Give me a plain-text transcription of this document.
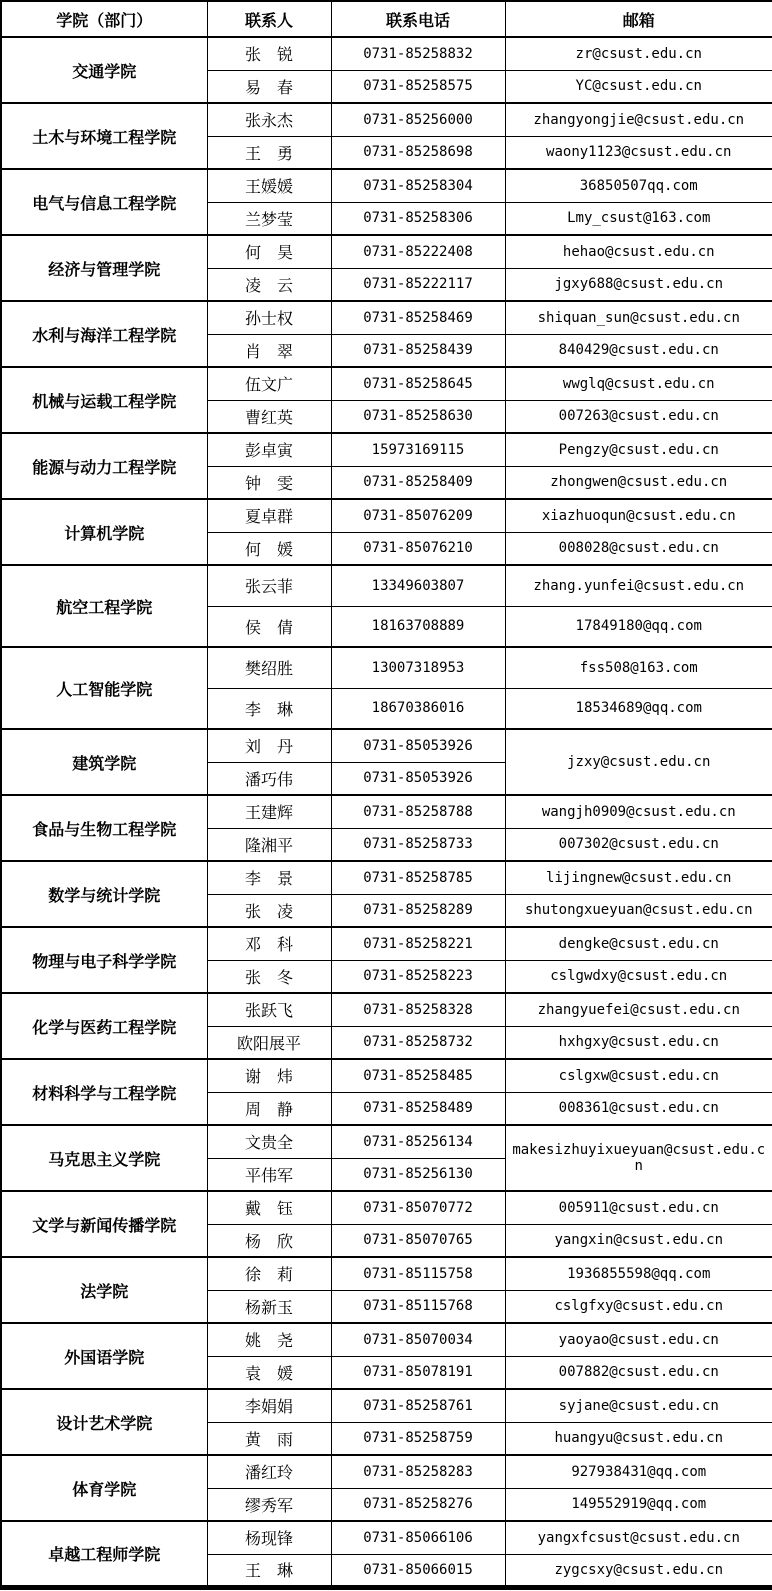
学院（部门）	联系人	联系电话	邮箱
交通学院	张　锐	0731-85258832	zr@csust.edu.cn
	易　春	0731-85258575	YC@csust.edu.cn
土木与环境工程学院	张永杰	0731-85256000	zhangyongjie@csust.edu.cn
	王　勇	0731-85258698	waony1123@csust.edu.cn
电气与信息工程学院	王媛媛	0731-85258304	36850507qq.com
	兰梦莹	0731-85258306	Lmy_csust@163.com
经济与管理学院	何　昊	0731-85222408	hehao@csust.edu.cn
	凌　云	0731-85222117	jgxy688@csust.edu.cn
水利与海洋工程学院	孙士权	0731-85258469	shiquan_sun@csust.edu.cn
	肖　翠	0731-85258439	840429@csust.edu.cn
机械与运载工程学院	伍文广	0731-85258645	wwglq@csust.edu.cn
	曹红英	0731-85258630	007263@csust.edu.cn
能源与动力工程学院	彭卓寅	15973169115	Pengzy@csust.edu.cn
	钟　雯	0731-85258409	zhongwen@csust.edu.cn
计算机学院	夏卓群	0731-85076209	xiazhuoqun@csust.edu.cn
	何　媛	0731-85076210	008028@csust.edu.cn
航空工程学院	张云菲	13349603807	zhang.yunfei@csust.edu.cn
	侯　倩	18163708889	17849180@qq.com
人工智能学院	樊绍胜	13007318953	fss508@163.com
	李　琳	18670386016	18534689@qq.com
建筑学院	刘　丹	0731-85053926	jzxy@csust.edu.cn
	潘巧伟	0731-85053926	
食品与生物工程学院	王建辉	0731-85258788	wangjh0909@csust.edu.cn
	隆湘平	0731-85258733	007302@csust.edu.cn
数学与统计学院	李　景	0731-85258785	lijingnew@csust.edu.cn
	张　凌	0731-85258289	shutongxueyuan@csust.edu.cn
物理与电子科学学院	邓　科	0731-85258221	dengke@csust.edu.cn
	张　冬	0731-85258223	cslgwdxy@csust.edu.cn
化学与医药工程学院	张跃飞	0731-85258328	zhangyuefei@csust.edu.cn
	欧阳展平	0731-85258732	hxhgxy@csust.edu.cn
材料科学与工程学院	谢　炜	0731-85258485	cslgxw@csust.edu.cn
	周　静	0731-85258489	008361@csust.edu.cn
马克思主义学院	文贵全	0731-85256134	makesizhuyixueyuan@csust.edu.cn
	平伟军	0731-85256130	
文学与新闻传播学院	戴　钰	0731-85070772	005911@csust.edu.cn
	杨　欣	0731-85070765	yangxin@csust.edu.cn
法学院	徐　莉	0731-85115758	1936855598@qq.com
	杨新玉	0731-85115768	cslgfxy@csust.edu.cn
外国语学院	姚　尧	0731-85070034	yaoyao@csust.edu.cn
	袁　媛	0731-85078191	007882@csust.edu.cn
设计艺术学院	李娟娟	0731-85258761	syjane@csust.edu.cn
	黄　雨	0731-85258759	huangyu@csust.edu.cn
体育学院	潘红玲	0731-85258283	927938431@qq.com
	缪秀军	0731-85258276	149552919@qq.com
卓越工程师学院	杨现锋	0731-85066106	yangxfcsust@csust.edu.cn
	王　琳	0731-85066015	zygcsxy@csust.edu.cn
